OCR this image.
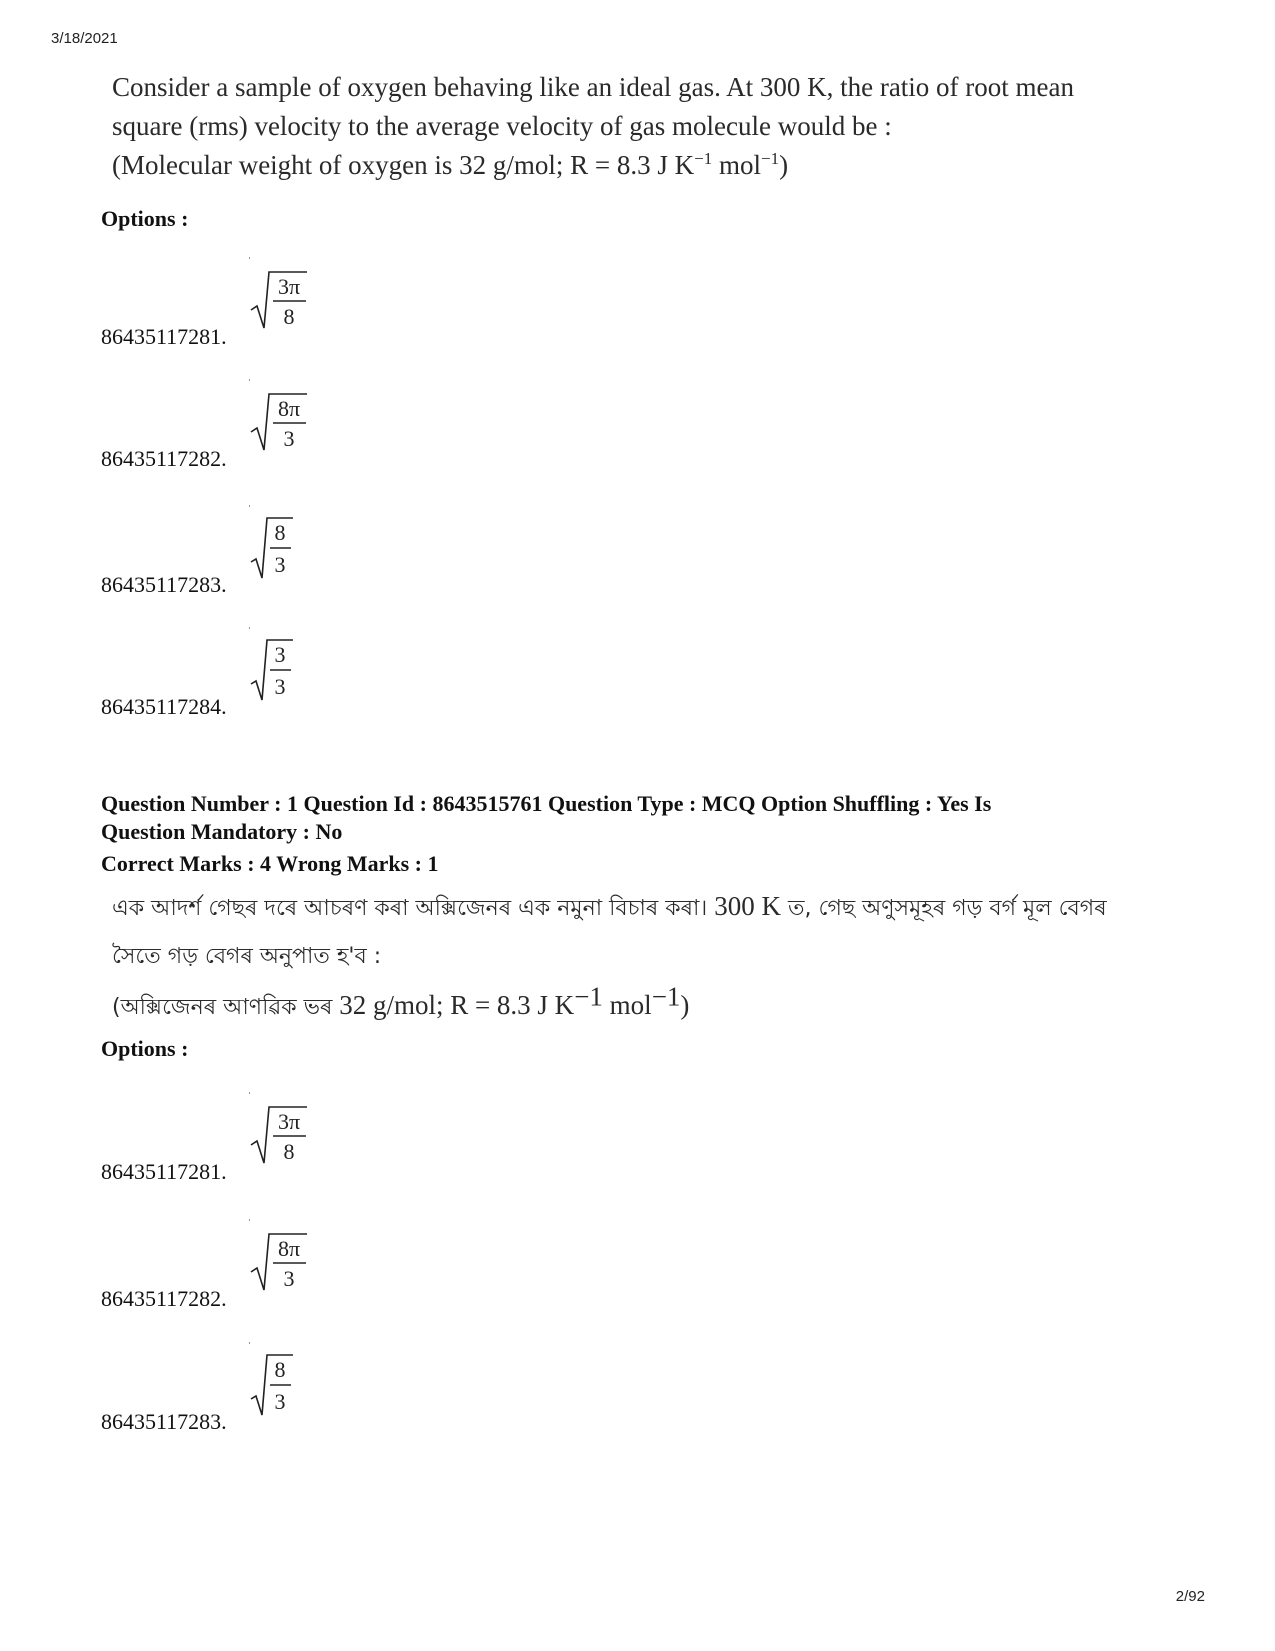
3/18/2021

Consider a sample of oxygen behaving like an ideal gas. At 300 K, the ratio of root mean

square (rms) velocity to the average velocity of gas molecule would be :

(Molecular weight of oxygen is 32 g/mol; R = 8.3 J $K^{-1}$ mol$^{-1}$)

Options :
86435117281.
3π
8
86435117282.
8π
3
86435117283.
8
3
86435117284.
3
3
Question Number : 1 Question Id : 8643515761 Question Type : MCQ Option Shuffling : Yes Is
Question Mandatory : No
Correct Marks : 4 Wrong Marks : 1

এক আদৰ্শ গেছৰ দৰে আচৰণ কৰা অক্সিজেনৰ এক নমুনা বিচাৰ কৰা। 300 K ত, গেছ অণুসমূহৰ গড় বৰ্গ মূল বেগৰ

সৈতে গড় বেগৰ অনুপাত হ'ব :

(অক্সিজেনৰ আণৱিক ভৰ 32 g/mol; R = 8.3 J $K^{-1}$ mol$^{-1}$)

Options :
86435117281.
3π
8
86435117282.
8π
3
86435117283.
8
3
2/92
